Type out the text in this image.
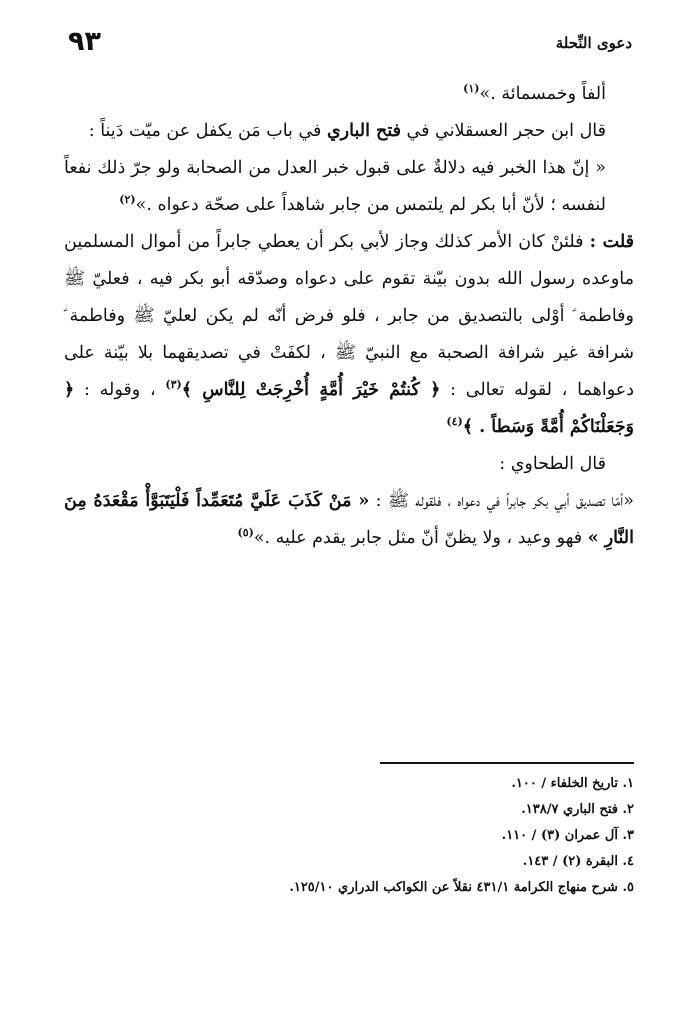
دعوى النِّحلة
٩٣

ألفاً وخمسمائة .»$^{(١)}$

قال ابن حجر العسقلاني في فتح الباري في باب مَن يكفل عن ميّت دَيناً :

« إنّ هذا الخبر فيه دلالةٌ على قبول خبر العدل من الصحابة ولو جرّ ذلك نفعاً لنفسه ؛ لأنّ أبا بكر لم يلتمس من جابر شاهداً على صحّة دعواه .»$^{(٢)}$

قلت : فلئنْ كان الأمر كذلك وجاز لأبي بكر أن يعطي جابراً من أموال المسلمين ماوعده رسول الله بدون بيّنة تقوم على دعواه وصدّقه أبو بكر فيه ، فعليّ ﷺ وفاطمة ؑ أوْلى بالتصديق من جابر ، فلو فرض أنّه لم يكن لعليّ ﷺ وفاطمة ؑ شرافة غير شرافة الصحبة مع النبيّ ﷺ ، لكفَتْ في تصديقهما بلا بيّنة على دعواهما ، لقوله تعالى : ﴿ كُنتُمْ خَيْرَ أُمَّةٍ أُخْرِجَتْ لِلنَّاسِ ﴾$^{(٣)}$ ، وقوله : ﴿ وَجَعَلْنَاكُمْ أُمَّةً وَسَطاً . ﴾$^{(٤)}$

قال الطحاوي :

«أمّا تصديق أبي بكر جابراً في دعواه ، فلقوله ﷺ : « مَنْ كَذَبَ عَلَيَّ مُتَعَمِّداً فَلْيَتَبَوَّأْ مَقْعَدَهُ مِنَ النَّارِ » فهو وعيد ، ولا يظنّ أنّ مثل جابر يقدم عليه .»$^{(٥)}$

١. تاريخ الخلفاء / ١٠٠.
٢. فتح الباري ١٣٨/٧.
٣. آل عمران (٣) / ١١٠.
٤. البقرة (٢) / ١٤٣.
٥. شرح منهاج الكرامة ٤٣١/١ نقلاً عن الكواكب الدراري ١٢٥/١٠.
